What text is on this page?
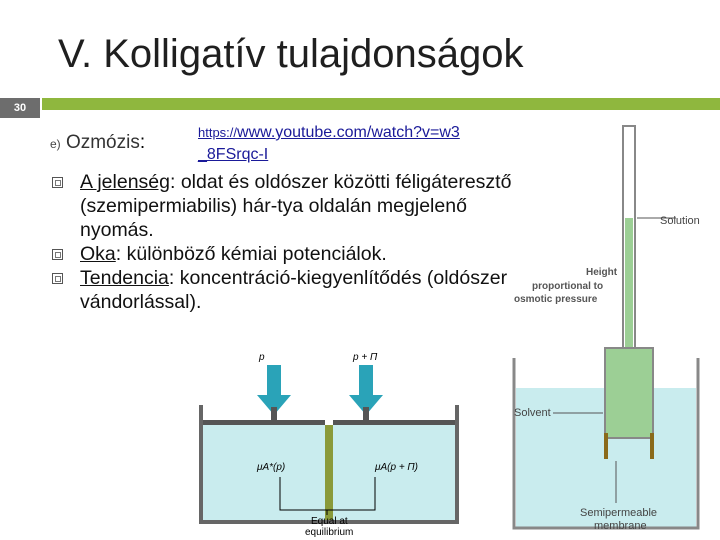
V. Kolligatív tulajdonságok
30
e) Ozmózis:	https://www.youtube.com/watch?v=w3
_8FSrqc-I
A jelenség: oldat és oldószer közötti féligáteresztő (szemipermiabilis) hár-tya oldalán megjelenő nyomás.
Oka: különböző kémiai potenciálok.
Tendencia: koncentráció-kiegyenlítődés (oldószer vándorlással).
p	p + Π
μA*(p)	μA(p + Π)
Equal at
equilibrium
Solution
Height
proportional to
osmotic pressure
Solvent
Semipermeable
membrane
